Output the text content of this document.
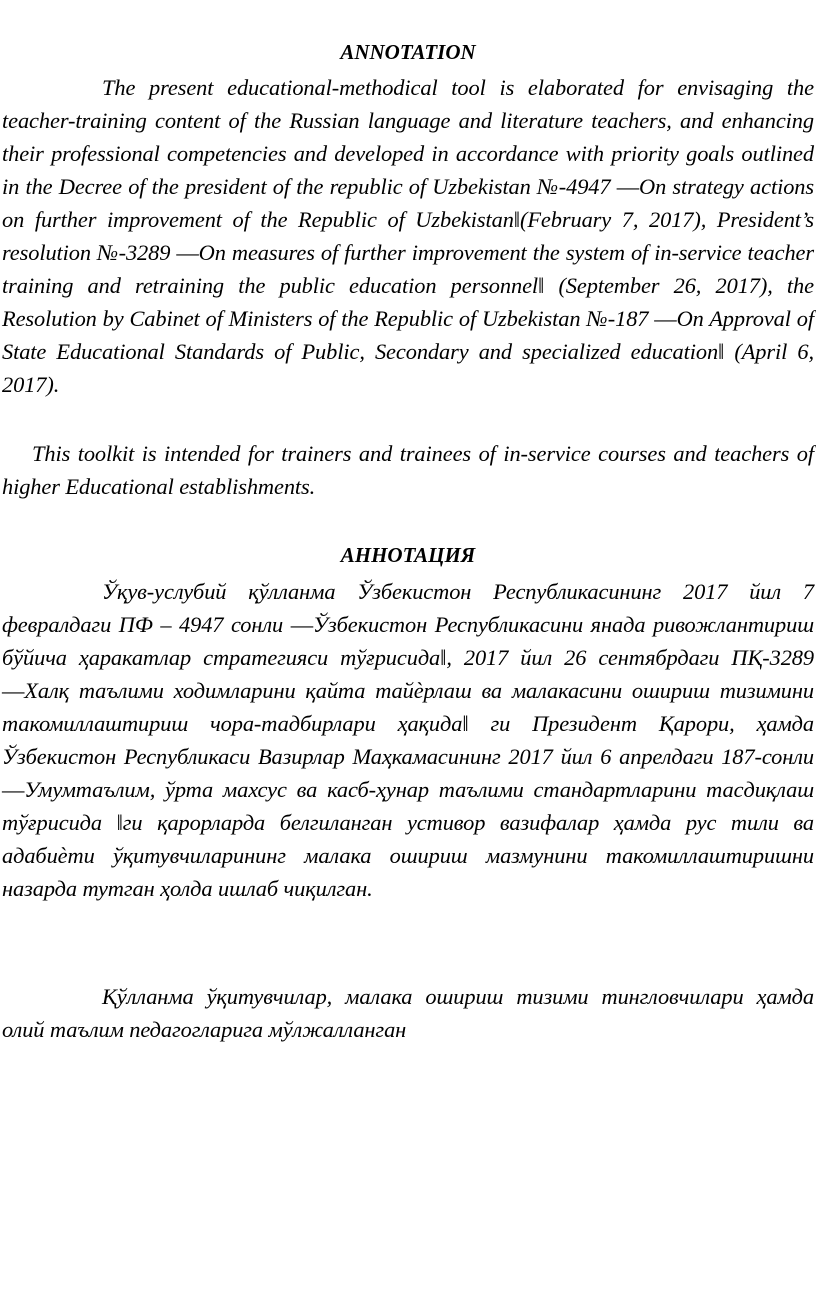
ANNOTATION

The present educational-methodical tool is elaborated for envisaging the teacher-training content of the Russian language and literature teachers, and enhancing their professional competencies and developed in accordance with priority goals outlined in the Decree of the president of the republic of Uzbekistan №-4947 ―On strategy actions on further improvement of the Republic of Uzbekistan‖(February 7, 2017), President’s resolution №-3289 ―On measures of further improvement the system of in-service teacher training and retraining the public education personnel‖ (September 26, 2017), the Resolution by Cabinet of Ministers of the Republic of Uzbekistan №-187 ―On Approval of State Educational Standards of Public, Secondary and specialized education‖ (April 6, 2017).

This toolkit is intended for trainers and trainees of in-service courses and teachers of higher Educational establishments.

АННОТАЦИЯ

Ўқув-услубий қўлланма Ўзбекистон Республикасининг 2017 йил 7 февралдаги ПФ – 4947 сонли ―Ўзбекистон Республикасини янада ривожлантириш бўйича ҳаракатлар стратегияси тўғрисида‖, 2017 йил 26 сентябрдаги ПҚ-3289 ―Халқ таълими ходимларини қайта тайѐрлаш ва малакасини ошириш тизимини такомиллаштириш чора-тадбирлари ҳақида‖ ги Президент Қарори, ҳамда Ўзбекистон Республикаси Вазирлар Маҳкамасининг 2017 йил 6 апрелдаги 187-сонли ―Умумтаълим, ўрта махсус ва касб-ҳунар таълими стандартларини тасдиқлаш тўғрисида ‖ги қарорларда белгиланган устивор вазифалар ҳамда рус тили ва адабиѐти ўқитувчиларининг малака ошириш мазмунини такомиллаштиришни назарда тутган ҳолда ишлаб чиқилган.

Қўлланма ўқитувчилар, малака ошириш тизими тингловчилари ҳамда олий таълим педагогларига мўлжалланган
